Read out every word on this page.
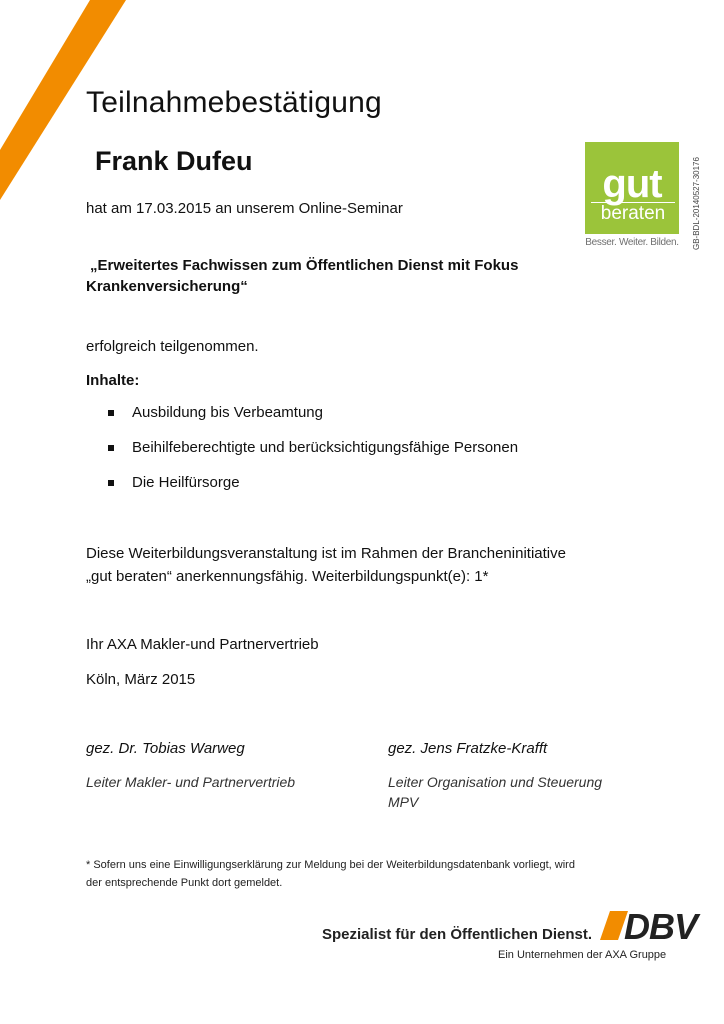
Teilnahmebestätigung
Frank Dufeu
gut
beraten
Besser. Weiter. Bilden. GB-BDL-20140527-30176
hat am 17.03.2015 an unserem Online-Seminar
„Erweitertes Fachwissen zum Öffentlichen Dienst mit Fokus
Krankenversicherung“
erfolgreich teilgenommen.
Inhalte:
Ausbildung bis Verbeamtung
Beihilfeberechtigte und berücksichtigungsfähige Personen
Die Heilfürsorge
Diese Weiterbildungsveranstaltung ist im Rahmen der Brancheninitiative
„gut beraten“ anerkennungsfähig. Weiterbildungspunkt(e): 1*
Ihr AXA Makler-und Partnervertrieb
Köln, März 2015
gez. Dr. Tobias Warweg
Leiter Makler- und Partnervertrieb
gez. Jens Fratzke-Krafft
Leiter Organisation und Steuerung
MPV
* Sofern uns eine Einwilligungserklärung zur Meldung bei der Weiterbildungsdatenbank vorliegt, wird
der entsprechende Punkt dort gemeldet.
Spezialist für den Öffentlichen Dienst. DBV
Ein Unternehmen der AXA Gruppe
